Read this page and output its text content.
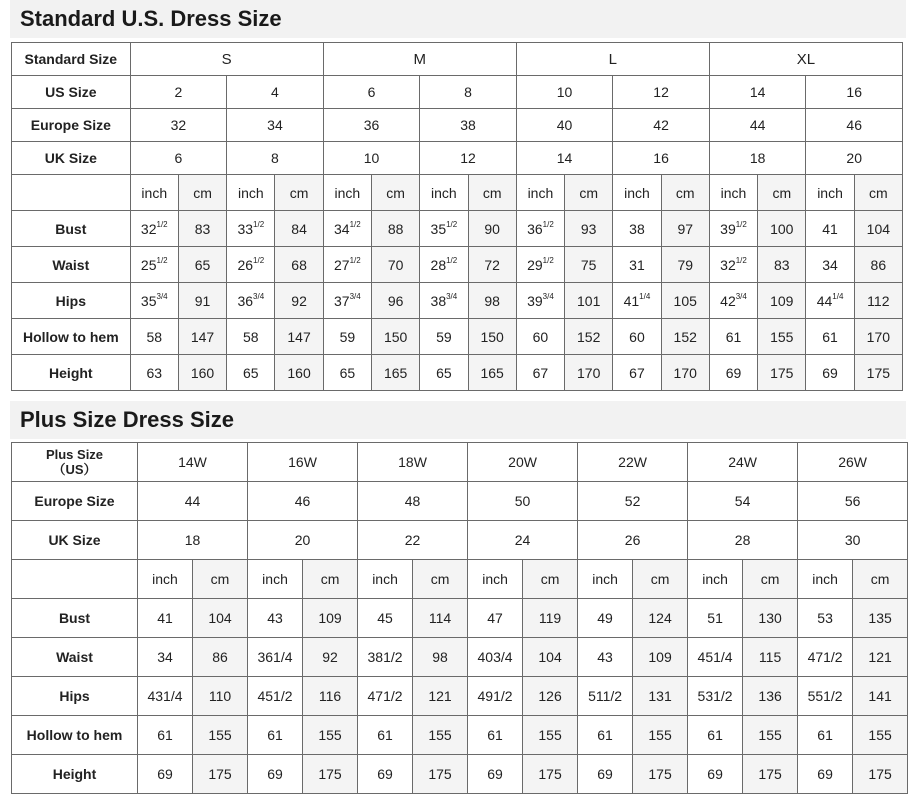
Standard U.S. Dress Size
Standard Size	S				M				L				XL			
US Size	2		4		6		8		10		12		14		16	
Europe Size	32		34		36		38		40		42		44		46	
UK Size	6		8		10		12		14		16		18		20	
	inch	cm	inch	cm	inch	cm	inch	cm	inch	cm	inch	cm	inch	cm	inch	cm
Bust	$32^{1/2}$	83	$33^{1/2}$	84	$34^{1/2}$	88	$35^{1/2}$	90	$36^{1/2}$	93	38	97	$39^{1/2}$	100	41	104
Waist	$25^{1/2}$	65	$26^{1/2}$	68	$27^{1/2}$	70	$28^{1/2}$	72	$29^{1/2}$	75	31	79	$32^{1/2}$	83	34	86
Hips	$35^{3/4}$	91	$36^{3/4}$	92	$37^{3/4}$	96	$38^{3/4}$	98	$39^{3/4}$	101	$41^{1/4}$	105	$42^{3/4}$	109	$44^{1/4}$	112
Hollow to hem	58	147	58	147	59	150	59	150	60	152	60	152	61	155	61	170
Height	63	160	65	160	65	165	65	165	67	170	67	170	69	175	69	175
Plus Size Dress Size
Plus Size
（US）	14W		16W		18W		20W		22W		24W		26W	
Europe Size	44		46		48		50		52		54		56	
UK Size	18		20		22		24		26		28		30	
	inch	cm	inch	cm	inch	cm	inch	cm	inch	cm	inch	cm	inch	cm
Bust	41	104	43	109	45	114	47	119	49	124	51	130	53	135
Waist	34	86	361/4	92	381/2	98	403/4	104	43	109	451/4	115	471/2	121
Hips	431/4	110	451/2	116	471/2	121	491/2	126	511/2	131	531/2	136	551/2	141
Hollow to hem	61	155	61	155	61	155	61	155	61	155	61	155	61	155
Height	69	175	69	175	69	175	69	175	69	175	69	175	69	175
